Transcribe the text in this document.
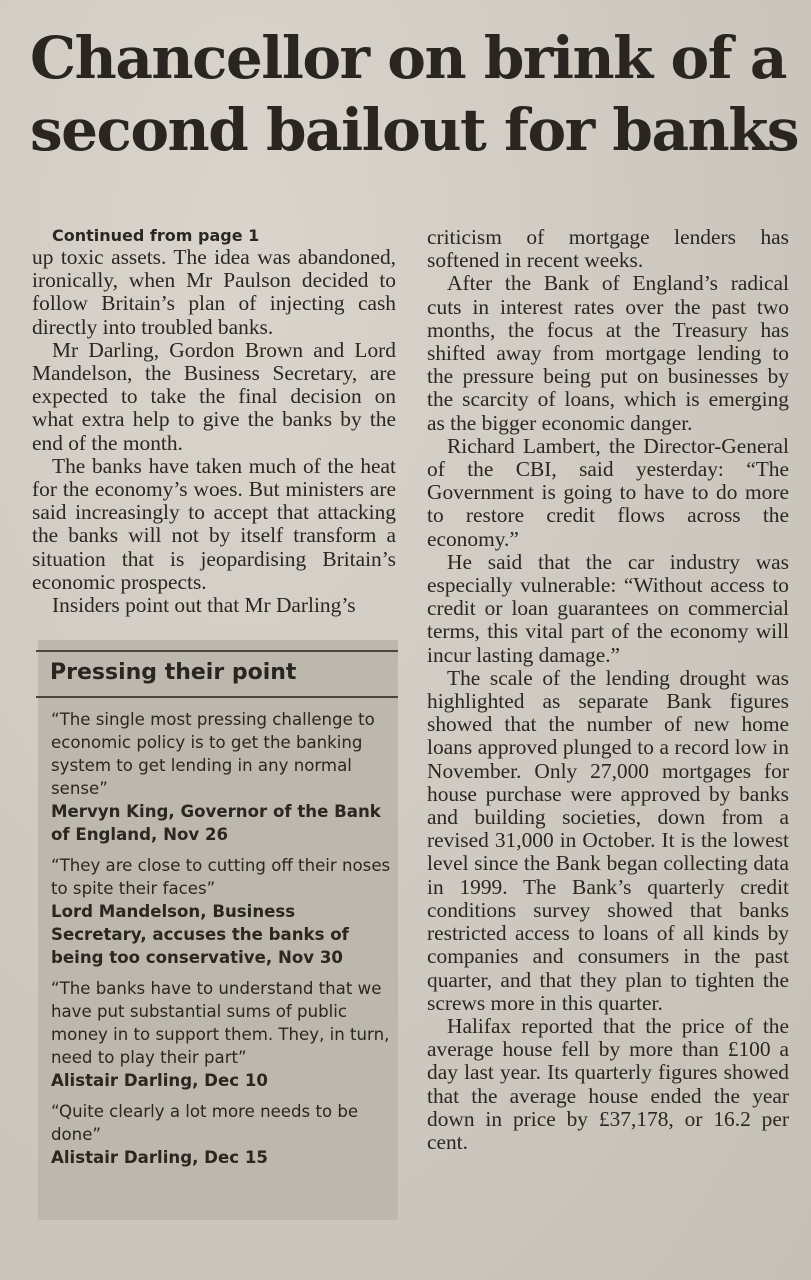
Chancellor on brink of a
second bailout for banks

Continued from page 1

up toxic assets. The idea was abandoned, ironically, when Mr Paulson decided to follow Britain’s plan of injecting cash directly into troubled banks.

Mr Darling, Gordon Brown and Lord Mandelson, the Business Secretary, are expected to take the final decision on what extra help to give the banks by the end of the month.

The banks have taken much of the heat for the economy’s woes. But ministers are said increasingly to accept that attacking the banks will not by itself transform a situation that is jeopardising Britain’s economic prospects.

Insiders point out that Mr Darling’s

Pressing their point
“The single most pressing challenge to economic policy is to get the banking system to get lending in any normal sense”
Mervyn King, Governor of the Bank of England, Nov 26
“They are close to cutting off their noses to spite their faces”
Lord Mandelson, Business Secretary, accuses the banks of being too conservative, Nov 30
“The banks have to understand that we have put substantial sums of public money in to support them. They, in turn, need to play their part”
Alistair Darling, Dec 10
“Quite clearly a lot more needs to be done”
Alistair Darling, Dec 15

criticism of mortgage lenders has softened in recent weeks.

After the Bank of England’s radical cuts in interest rates over the past two months, the focus at the Treasury has shifted away from mortgage lending to the pressure being put on businesses by the scarcity of loans, which is emerging as the bigger economic danger.

Richard Lambert, the Director-General of the CBI, said yesterday: “The Government is going to have to do more to restore credit flows across the economy.”

He said that the car industry was especially vulnerable: “Without access to credit or loan guarantees on commercial terms, this vital part of the economy will incur lasting damage.”

The scale of the lending drought was highlighted as separate Bank figures showed that the number of new home loans approved plunged to a record low in November. Only 27,000 mortgages for house purchase were approved by banks and building societies, down from a revised 31,000 in October. It is the lowest level since the Bank began collecting data in 1999. The Bank’s quarterly credit conditions survey showed that banks restricted access to loans of all kinds by companies and consumers in the past quarter, and that they plan to tighten the screws more in this quarter.

Halifax reported that the price of the average house fell by more than £100 a day last year. Its quarterly figures showed that the average house ended the year down in price by £37,178, or 16.2 per cent.
